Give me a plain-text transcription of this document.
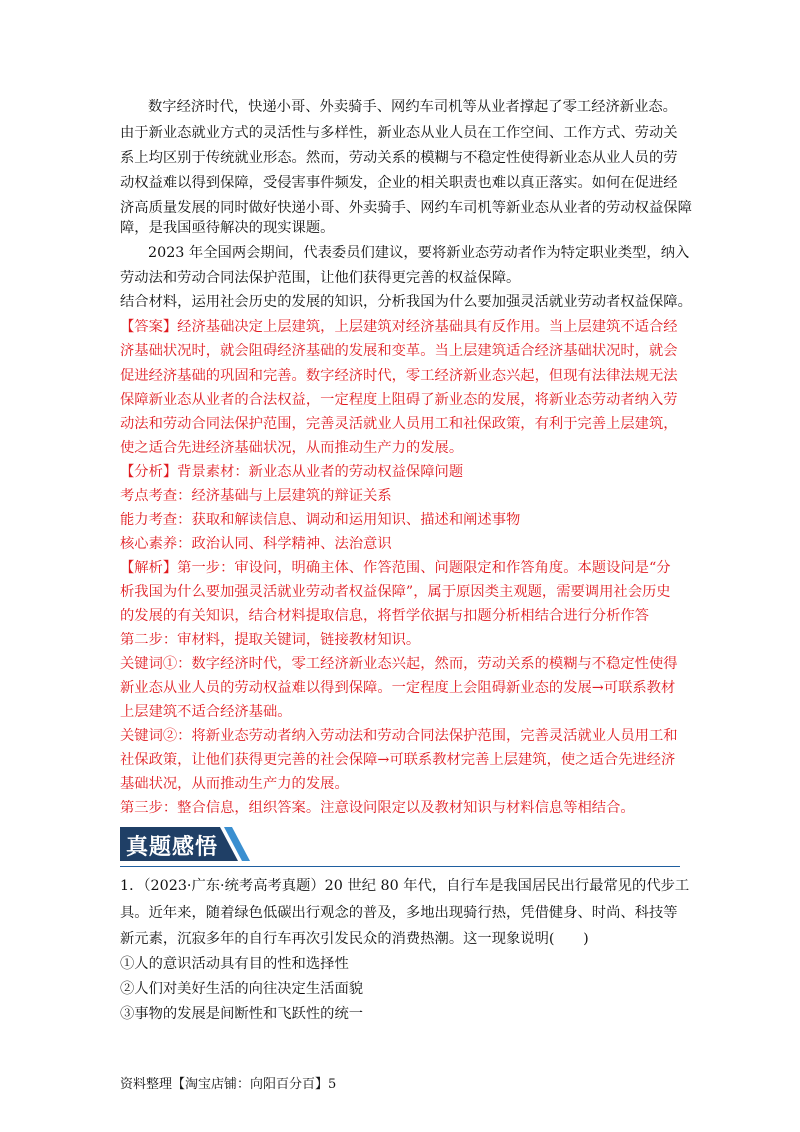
数字经济时代，快递小哥、外卖骑手、网约车司机等从业者撑起了零工经济新业态。
由于新业态就业方式的灵活性与多样性，新业态从业人员在工作空间、工作方式、劳动关
系上均区别于传统就业形态。然而，劳动关系的模糊与不稳定性使得新业态从业人员的劳
动权益难以得到保障，受侵害事件频发，企业的相关职责也难以真正落实。如何在促进经
济高质量发展的同时做好快递小哥、外卖骑手、网约车司机等新业态从业者的劳动权益保障
障，是我国亟待解决的现实课题。
2023 年全国两会期间，代表委员们建议，要将新业态劳动者作为特定职业类型，纳入
劳动法和劳动合同法保护范围，让他们获得更完善的权益保障。
结合材料，运用社会历史的发展的知识，分析我国为什么要加强灵活就业劳动者权益保障。
【答案】经济基础决定上层建筑，上层建筑对经济基础具有反作用。当上层建筑不适合经
济基础状况时，就会阻碍经济基础的发展和变革。当上层建筑适合经济基础状况时，就会
促进经济基础的巩固和完善。数字经济时代，零工经济新业态兴起，但现有法律法规无法
保障新业态从业者的合法权益，一定程度上阻碍了新业态的发展，将新业态劳动者纳入劳
动法和劳动合同法保护范围，完善灵活就业人员用工和社保政策，有利于完善上层建筑，
使之适合先进经济基础状况，从而推动生产力的发展。
【分析】背景素材：新业态从业者的劳动权益保障问题
考点考查：经济基础与上层建筑的辩证关系
能力考查：获取和解读信息、调动和运用知识、描述和阐述事物
核心素养：政治认同、科学精神、法治意识
【解析】第一步：审设问，明确主体、作答范围、问题限定和作答角度。本题设问是“分
析我国为什么要加强灵活就业劳动者权益保障”，属于原因类主观题，需要调用社会历史
的发展的有关知识，结合材料提取信息，将哲学依据与扣题分析相结合进行分析作答
第二步：审材料，提取关键词，链接教材知识。
关键词①：数字经济时代，零工经济新业态兴起，然而，劳动关系的模糊与不稳定性使得
新业态从业人员的劳动权益难以得到保障。一定程度上会阻碍新业态的发展→可联系教材
上层建筑不适合经济基础。
关键词②：将新业态劳动者纳入劳动法和劳动合同法保护范围，完善灵活就业人员用工和
社保政策，让他们获得更完善的社会保障→可联系教材完善上层建筑，使之适合先进经济
基础状况，从而推动生产力的发展。
第三步：整合信息，组织答案。注意设问限定以及教材知识与材料信息等相结合。
真题感悟
1．（2023·广东·统考高考真题）20 世纪 80 年代，自行车是我国居民出行最常见的代步工
具。近年来，随着绿色低碳出行观念的普及，多地出现骑行热，凭借健身、时尚、科技等
新元素，沉寂多年的自行车再次引发民众的消费热潮。这一现象说明(　　)
①人的意识活动具有目的性和选择性
②人们对美好生活的向往决定生活面貌
③事物的发展是间断性和飞跃性的统一
资料整理【淘宝店铺：向阳百分百】5
